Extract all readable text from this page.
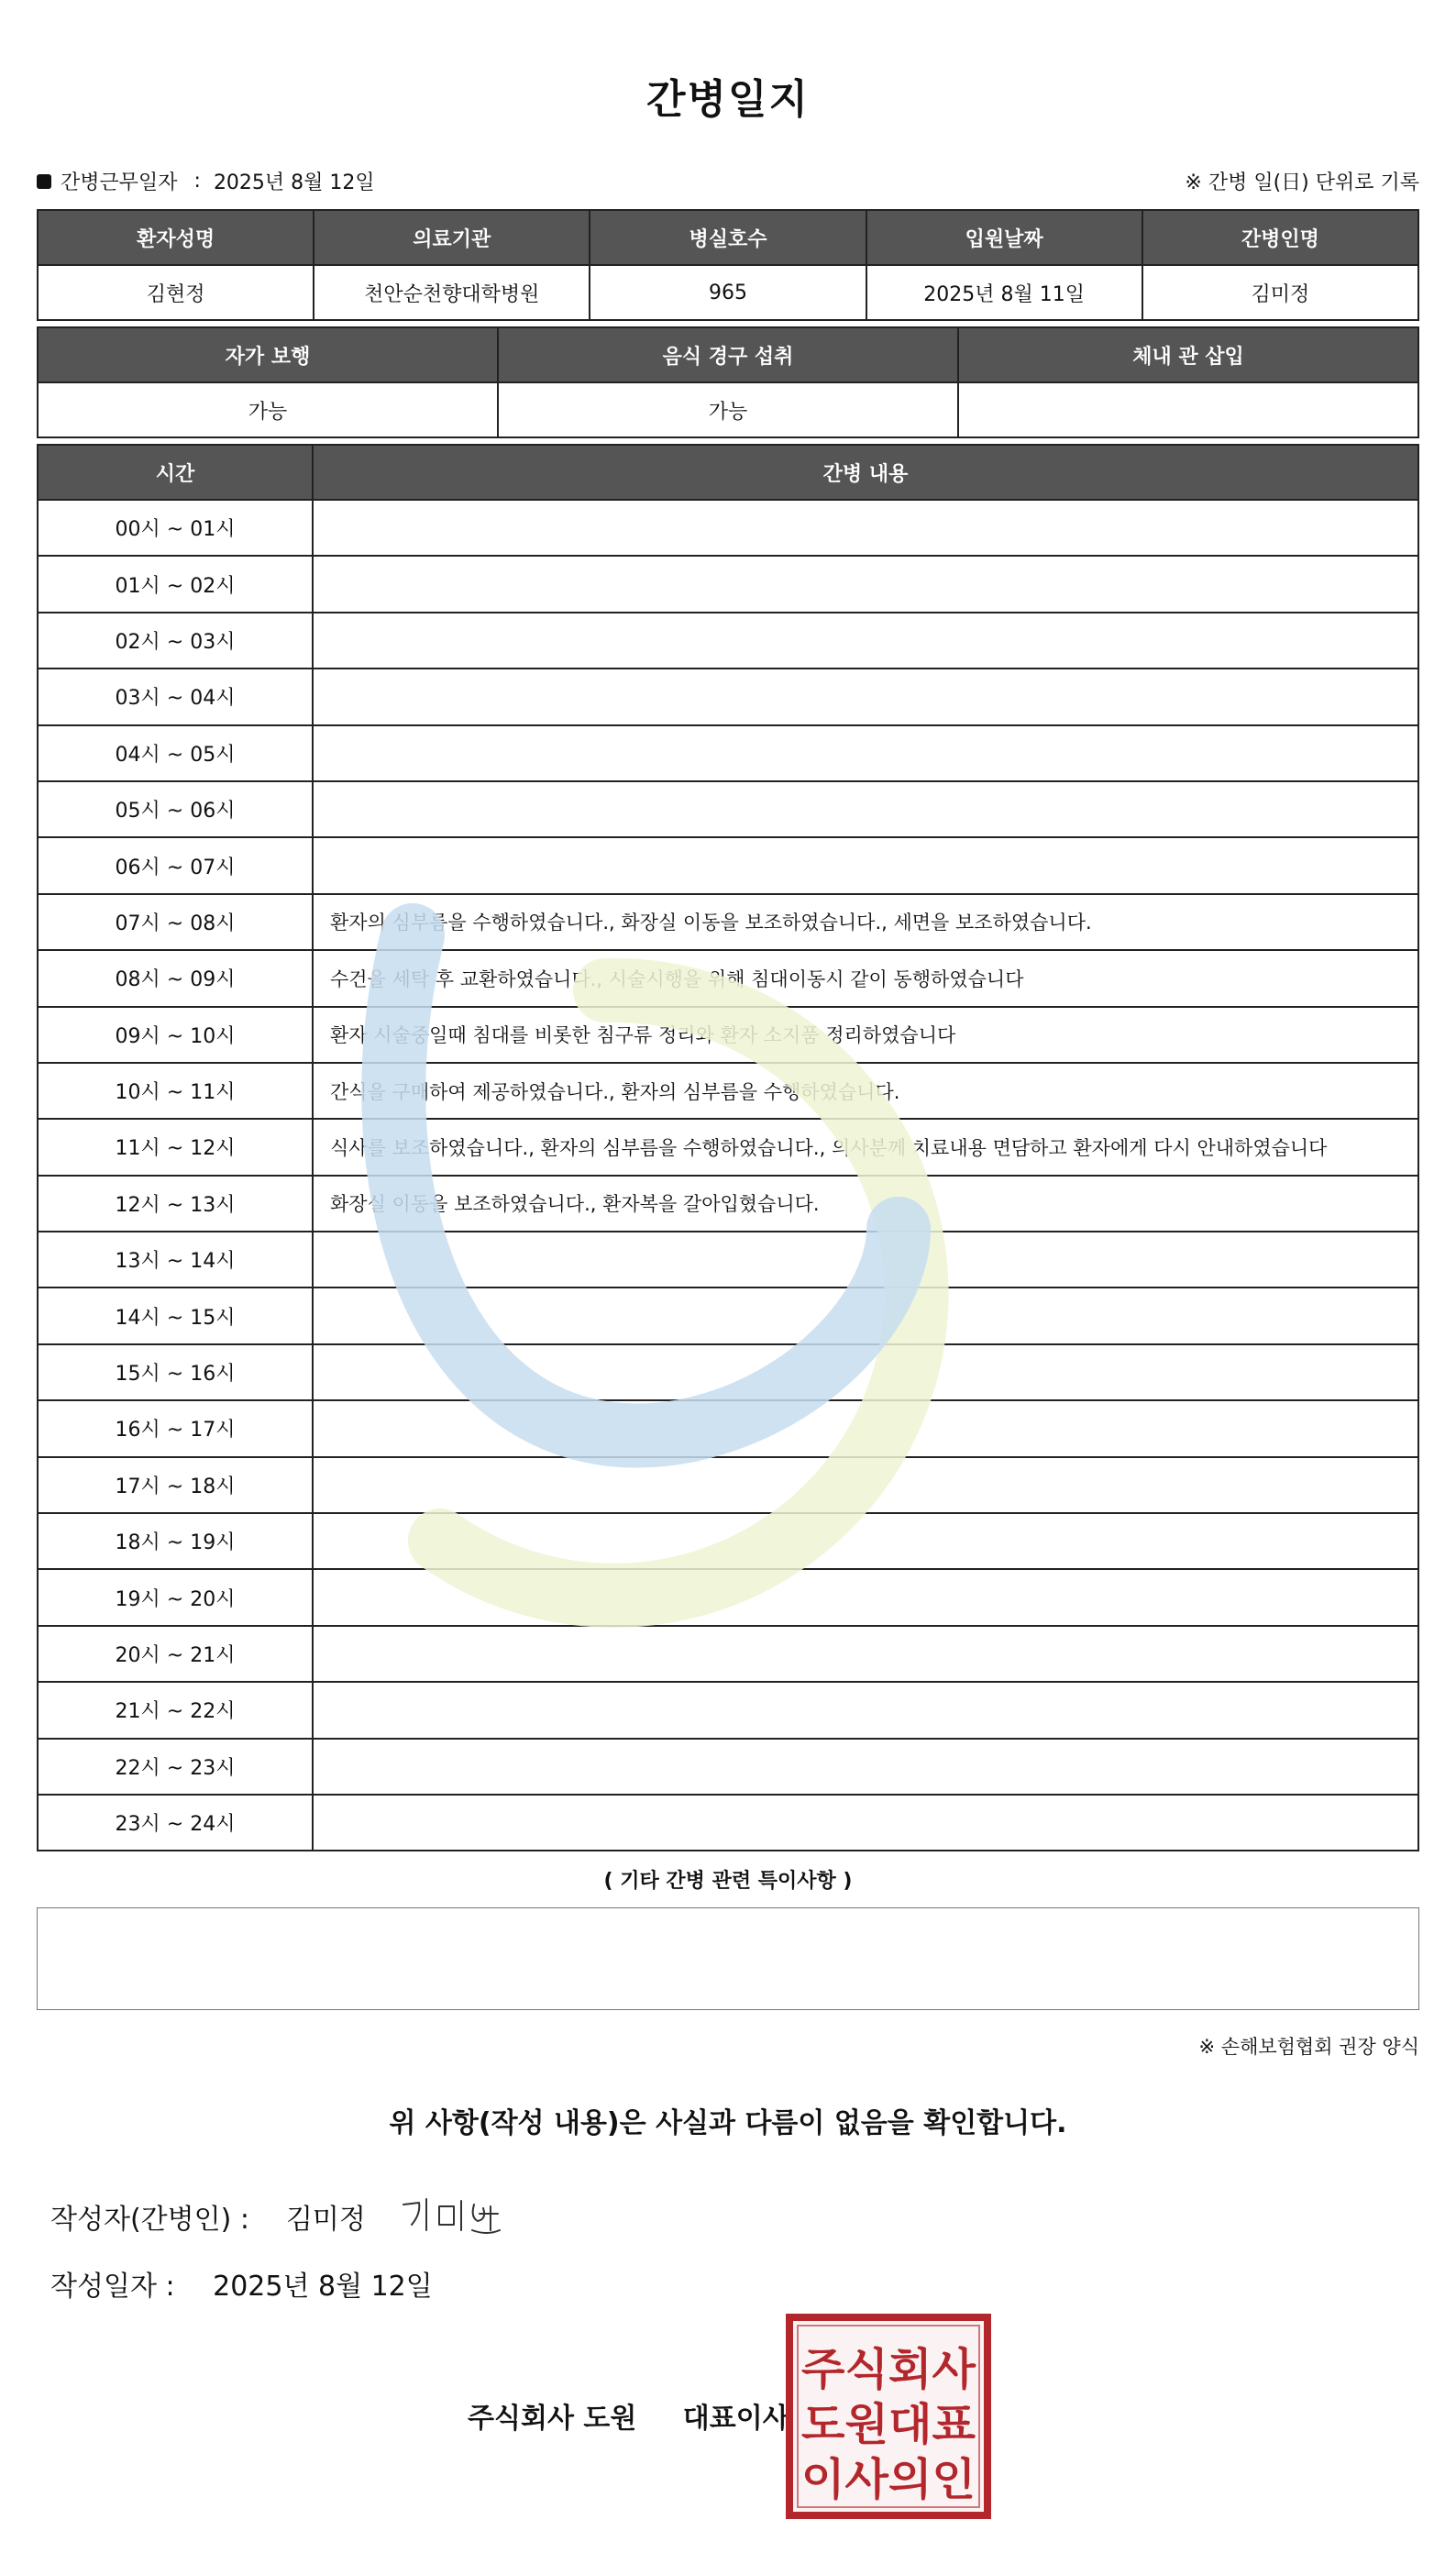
간병일지
간병근무일자 : 2025년 8월 12일	※ 간병 일(日) 단위로 기록
환자성명	의료기관	병실호수	입원날짜	간병인명
김현정	천안순천향대학병원	965	2025년 8월 11일	김미정
자가 보행	음식 경구 섭취	체내 관 삽입
가능	가능	
시간	간병 내용
00시 ~ 01시	
01시 ~ 02시	
02시 ~ 03시	
03시 ~ 04시	
04시 ~ 05시	
05시 ~ 06시	
06시 ~ 07시	
07시 ~ 08시	환자의 심부름을 수행하였습니다., 화장실 이동을 보조하였습니다., 세면을 보조하였습니다.
08시 ~ 09시	수건을 세탁 후 교환하였습니다., 시술시행을 위해 침대이동시 같이 동행하였습니다
09시 ~ 10시	환자 시술중일때 침대를 비롯한 침구류 정리와 환자 소지품 정리하였습니다
10시 ~ 11시	간식을 구매하여 제공하였습니다., 환자의 심부름을 수행하였습니다.
11시 ~ 12시	식사를 보조하였습니다., 환자의 심부름을 수행하였습니다., 의사분께 치료내용 면담하고 환자에게 다시 안내하였습니다
12시 ~ 13시	화장실 이동을 보조하였습니다., 환자복을 갈아입혔습니다.
13시 ~ 14시	
14시 ~ 15시	
15시 ~ 16시	
16시 ~ 17시	
17시 ~ 18시	
18시 ~ 19시	
19시 ~ 20시	
20시 ~ 21시	
21시 ~ 22시	
22시 ~ 23시	
23시 ~ 24시	
( 기타 간병 관련 특이사항 )
※ 손해보험협회 권장 양식
위 사항(작성 내용)은 사실과 다름이 없음을 확인합니다.
작성자(간병인) : 김미정
작성일자 : 2025년 8월 12일
주식회사 도원 대표이사
주식회사
도원대표
이사의인
